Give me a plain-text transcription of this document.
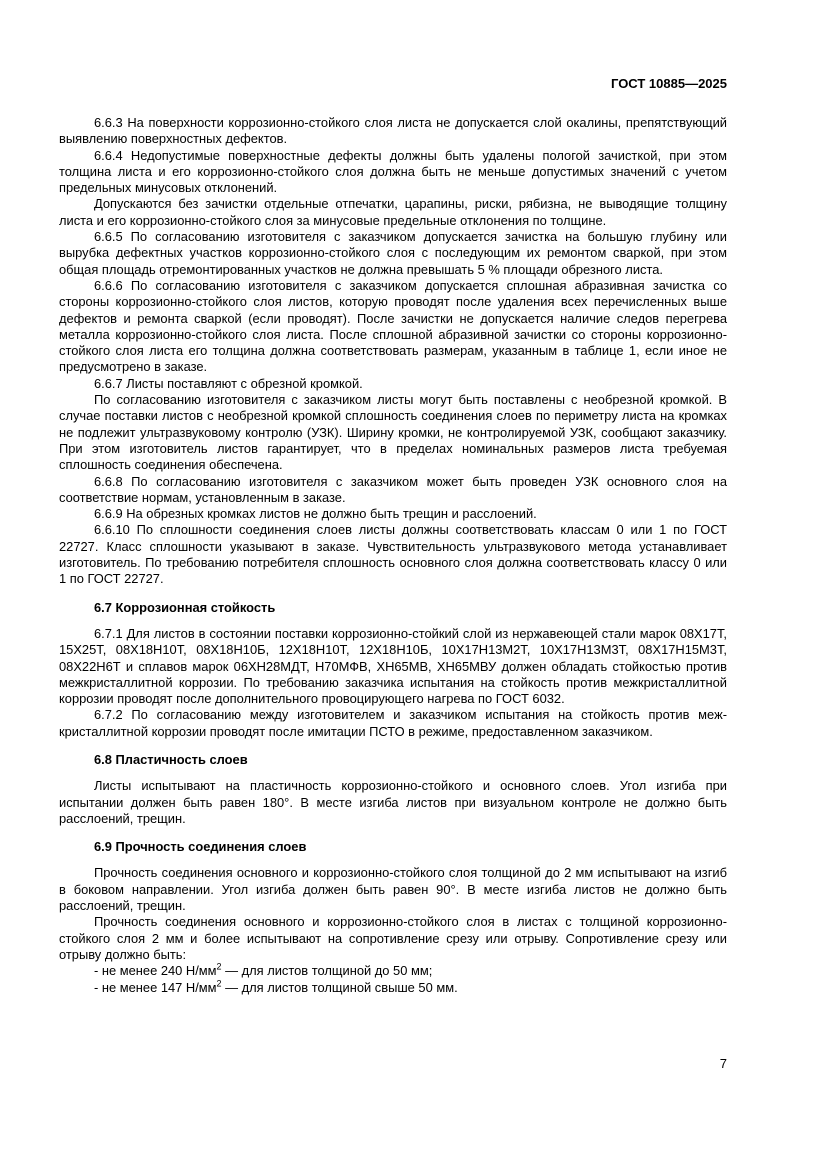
ГОСТ 10885—2025

6.6.3 На поверхности коррозионно-стойкого слоя листа не допускается слой окалины, препятствующий выявлению поверхностных дефектов.

6.6.4 Недопустимые поверхностные дефекты должны быть удалены пологой зачисткой, при этом толщина листа и его коррозионно-стойкого слоя должна быть не меньше допустимых значений с учетом предельных минусовых отклонений.

Допускаются без зачистки отдельные отпечатки, царапины, риски, рябизна, не выводящие толщину листа и его коррозионно-стойкого слоя за минусовые предельные отклонения по толщине.

6.6.5 По согласованию изготовителя с заказчиком допускается зачистка на большую глубину или вырубка дефектных участков коррозионно-стойкого слоя с последующим их ремонтом сваркой, при этом общая площадь отремонтированных участков не должна превышать 5 % площади обрезного листа.

6.6.6 По согласованию изготовителя с заказчиком допускается сплошная абразивная зачистка со стороны коррозионно-стойкого слоя листов, которую проводят после удаления всех перечисленных выше дефектов и ремонта сваркой (если проводят). После зачистки не допускается наличие следов перегрева металла коррозионно-стойкого слоя листа. После сплошной абразивной зачистки со стороны коррозионно-стойкого слоя листа его толщина должна соответствовать размерам, указанным в таблице 1, если иное не предусмотрено в заказе.

6.6.7 Листы поставляют с обрезной кромкой.

По согласованию изготовителя с заказчиком листы могут быть поставлены с необрезной кромкой. В случае поставки листов с необрезной кромкой сплошность соединения слоев по периметру листа на кромках не подлежит ультразвуковому контролю (УЗК). Ширину кромки, не контролируемой УЗК, сообщают заказчику. При этом изготовитель листов гарантирует, что в пределах номинальных размеров листа требуемая сплошность соединения обеспечена.

6.6.8 По согласованию изготовителя с заказчиком может быть проведен УЗК основного слоя на соответствие нормам, установленным в заказе.

6.6.9 На обрезных кромках листов не должно быть трещин и расслоений.

6.6.10 По сплошности соединения слоев листы должны соответствовать классам 0 или 1 по ГОСТ 22727. Класс сплошности указывают в заказе. Чувствительность ультразвукового метода устанавливает изготовитель. По требованию потребителя сплошность основного слоя должна соответствовать классу 0 или 1 по ГОСТ 22727.

6.7 Коррозионная стойкость

6.7.1 Для листов в состоянии поставки коррозионно-стойкий слой из нержавеющей стали марок 08Х17Т, 15Х25Т, 08Х18Н10Т, 08Х18Н10Б, 12Х18Н10Т, 12Х18Н10Б, 10Х17Н13М2Т, 10Х17Н13М3Т, 08Х17Н15М3Т, 08Х22Н6Т и сплавов марок 06ХН28МДТ, Н70МФВ, ХН65МВ, ХН65МВУ должен обладать стойкостью против межкристаллитной коррозии. По требованию заказчика испытания на стойкость против межкристаллитной коррозии проводят после дополнительного провоцирующего нагрева по ГОСТ 6032.

6.7.2 По согласованию между изготовителем и заказчиком испытания на стойкость против межкристаллитной коррозии проводят после имитации ПСТО в режиме, предоставленном заказчиком.

6.8 Пластичность слоев

Листы испытывают на пластичность коррозионно-стойкого и основного слоев. Угол изгиба при испытании должен быть равен 180°. В месте изгиба листов при визуальном контроле не должно быть расслоений, трещин.

6.9 Прочность соединения слоев

Прочность соединения основного и коррозионно-стойкого слоя толщиной до 2 мм испытывают на изгиб в боковом направлении. Угол изгиба должен быть равен 90°. В месте изгиба листов не должно быть расслоений, трещин.

Прочность соединения основного и коррозионно-стойкого слоя в листах с толщиной коррозионно-стойкого слоя 2 мм и более испытывают на сопротивление срезу или отрыву. Сопротивление срезу или отрыву должно быть:

- не менее 240 $Н/мм^2$ — для листов толщиной до 50 мм;

- не менее 147 $Н/мм^2$ — для листов толщиной свыше 50 мм.

7
